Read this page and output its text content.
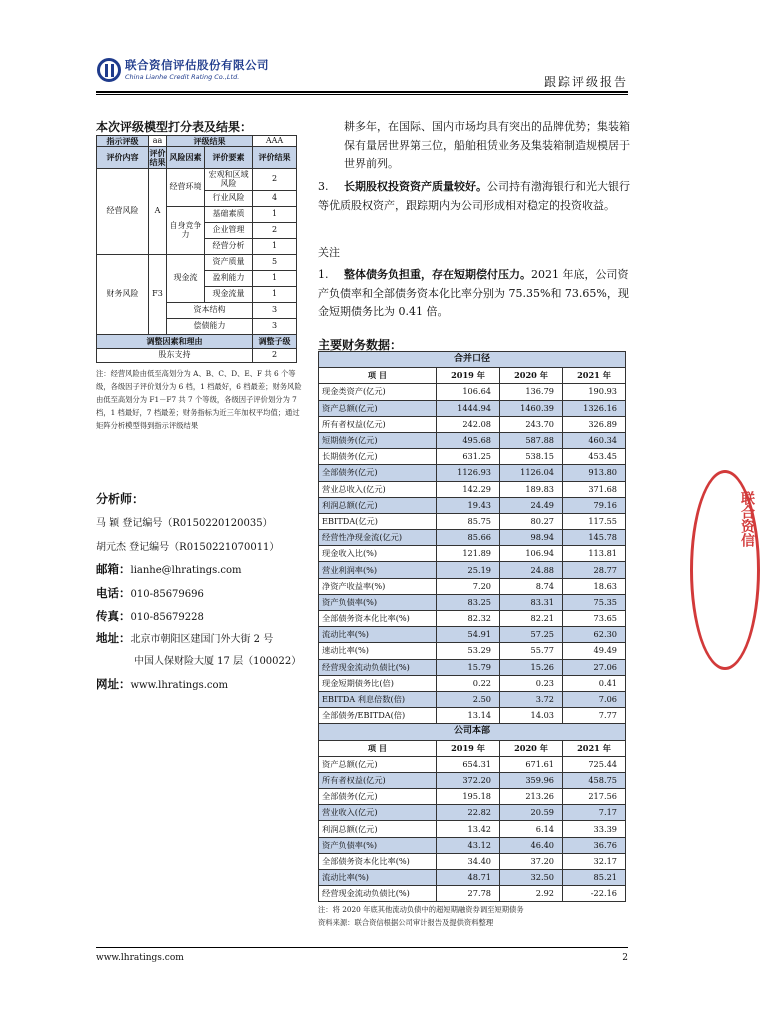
联合资信评估股份有限公司
China Lianhe Credit Rating Co.,Ltd.	跟踪评级报告
本次评级模型打分表及结果：
指示评级	aa	评级结果		AAA
评价内容	评价结果	风险因素	评价要素	评价结果
经营风险	A	经营环境	宏观和区域风险	2
			行业风险	4
		自身竞争力	基础素质	1
			企业管理	2
			经营分析	1
财务风险	F3	现金流	资产质量	5
			盈利能力	1
			现金流量	1
		资本结构		3
		偿债能力		3
调整因素和理由				调整子级
股东支持				2
注：经营风险由低至高划分为 A、B、C、D、E、F 共 6 个等级，各级因子评价划分为 6 档，1 档最好，6 档最差；财务风险由低至高划分为 F1－F7 共 7 个等级，各级因子评价划分为 7 档，1 档最好，7 档最差；财务指标为近三年加权平均值；通过矩阵分析模型得到指示评级结果
分析师：
马 颖 登记编号（R0150220120035）
胡元杰 登记编号（R0150221070011）
邮箱：lianhe@lhratings.com
电话：010-85679696
传真：010-85679228
地址：北京市朝阳区建国门外大街 2 号
中国人保财险大厦 17 层（100022）
网址：www.lhratings.com
耕多年，在国际、国内市场均具有突出的品牌优势；集装箱保有量居世界第三位，船舶租赁业务及集装箱制造规模居于世界前列。
3. 长期股权投资资产质量较好。公司持有渤海银行和光大银行等优质股权资产，跟踪期内为公司形成相对稳定的投资收益。
关注
1. 整体债务负担重，存在短期偿付压力。2021 年底，公司资产负债率和全部债务资本化比率分别为 75.35%和 73.65%，现金短期债务比为 0.41 倍。
主要财务数据：
合并口径			
项 目	2019 年	2020 年	2021 年
现金类资产(亿元)	106.64	136.79	190.93
资产总额(亿元)	1444.94	1460.39	1326.16
所有者权益(亿元)	242.08	243.70	326.89
短期债务(亿元)	495.68	587.88	460.34
长期债务(亿元)	631.25	538.15	453.45
全部债务(亿元)	1126.93	1126.04	913.80
营业总收入(亿元)	142.29	189.83	371.68
利润总额(亿元)	19.43	24.49	79.16
EBITDA(亿元)	85.75	80.27	117.55
经营性净现金流(亿元)	85.66	98.94	145.78
现金收入比(%)	121.89	106.94	113.81
营业利润率(%)	25.19	24.88	28.77
净资产收益率(%)	7.20	8.74	18.63
资产负债率(%)	83.25	83.31	75.35
全部债务资本化比率(%)	82.32	82.21	73.65
流动比率(%)	54.91	57.25	62.30
速动比率(%)	53.29	55.77	49.49
经营现金流动负债比(%)	15.79	15.26	27.06
现金短期债务比(倍)	0.22	0.23	0.41
EBITDA 利息倍数(倍)	2.50	3.72	7.06
全部债务/EBITDA(倍)	13.14	14.03	7.77
公司本部			
项 目	2019 年	2020 年	2021 年
资产总额(亿元)	654.31	671.61	725.44
所有者权益(亿元)	372.20	359.96	458.75
全部债务(亿元)	195.18	213.26	217.56
营业收入(亿元)	22.82	20.59	7.17
利润总额(亿元)	13.42	6.14	33.39
资产负债率(%)	43.12	46.40	36.76
全部债务资本化比率(%)	34.40	37.20	32.17
流动比率(%)	48.71	32.50	85.21
经营现金流动负债比(%)	27.78	2.92	-22.16
注：将 2020 年底其他流动负债中的超短期融资券调至短期债务
资料来源：联合资信根据公司审计报告及提供资料整理
联合资信
www.lhratings.com	2
